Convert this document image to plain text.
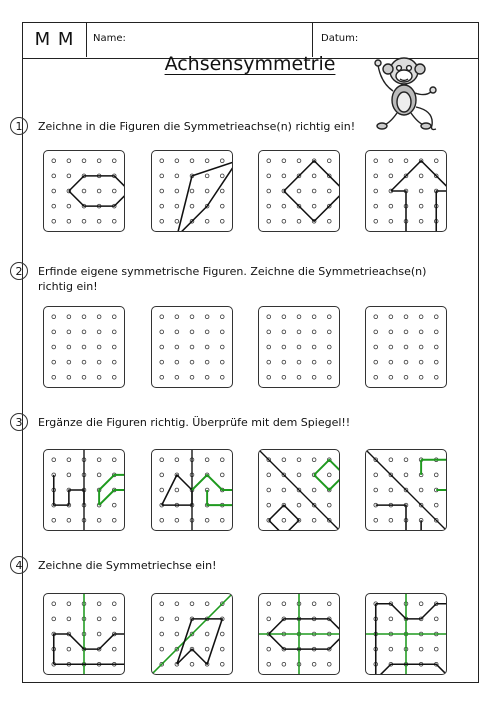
M M	Name:	Datum:
Achsensymmetrie
1	Zeichne in die Figuren die Symmetrieachse(n) richtig ein!
2	Erfinde eigene symmetrische Figuren. Zeichne die Symmetrieachse(n) richtig ein!
3	Ergänze die Figuren richtig. Überprüfe mit dem Spiegel!!
4	Zeichne die Symmetriechse ein!
